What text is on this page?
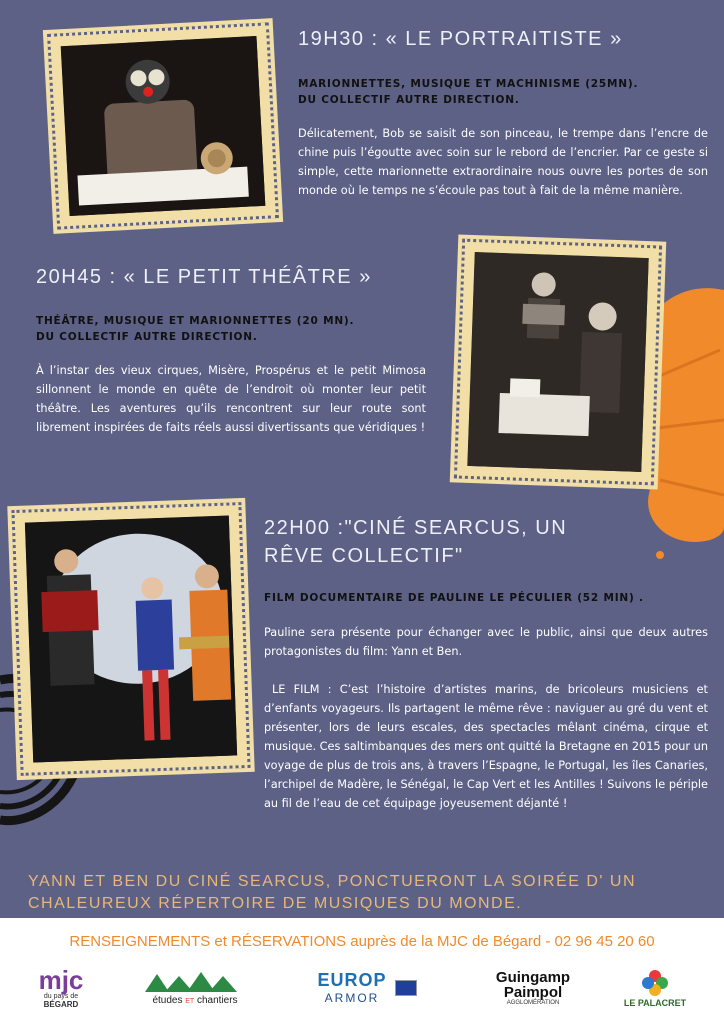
19H30 : « LE PORTRAITISTE »
MARIONNETTES, MUSIQUE ET MACHINISME (25MN).
DU COLLECTIF AUTRE DIRECTION.
Délicatement, Bob se saisit de son pinceau, le trempe dans l’encre de chine puis l’égoutte avec soin sur le rebord de l’encrier. Par ce geste si simple, cette marionnette extraordinaire nous ouvre les portes de son monde où le temps ne s’écoule pas tout à fait de la même manière.
20H45 : « LE PETIT THÉÂTRE »
THÉÂTRE, MUSIQUE ET MARIONNETTES (20 MN).
DU COLLECTIF AUTRE DIRECTION.
À l’instar des vieux cirques, Misère, Prospérus et le petit Mimosa sillonnent le monde en quête de l’endroit où monter leur petit théâtre. Les aventures qu’ils rencontrent sur leur route sont librement inspirées de faits réels aussi divertissants que véridiques !
22H00 :"CINÉ SEARCUS, UN
RÊVE COLLECTIF"
FILM DOCUMENTAIRE DE PAULINE LE PÉCULIER (52 MIN) .
Pauline sera présente pour échanger avec le public, ainsi que deux autres protagonistes du film: Yann et Ben.
LE FILM : C’est l’histoire d’artistes marins, de bricoleurs musiciens et d’enfants voyageurs. Ils partagent le même rêve : naviguer au gré du vent et présenter, lors de leurs escales, des spectacles mêlant cinéma, cirque et musique. Ces saltimbanques des mers ont quitté la Bretagne en 2015 pour un voyage de plus de trois ans, à travers l’Espagne, le Portugal, les îles Canaries, l’archipel de Madère, le Sénégal, le Cap Vert et les Antilles ! Suivons le périple au fil de l’eau de cet équipage joyeusement déjanté !
YANN ET BEN DU CINÉ SEARCUS, PONCTUERONT LA SOIRÉE D' UN
CHALEUREUX RÉPERTOIRE DE MUSIQUES DU MONDE.
RENSEIGNEMENTS et RÉSERVATIONS auprès de la MJC de Bégard - 02 96 45 20 60
mjc
du pays de
BÉGARD	études ET chantiers
EUROP
ARMOR
Guingamp
Paimpol
AGGLOMÉRATION	LE PALACRET
